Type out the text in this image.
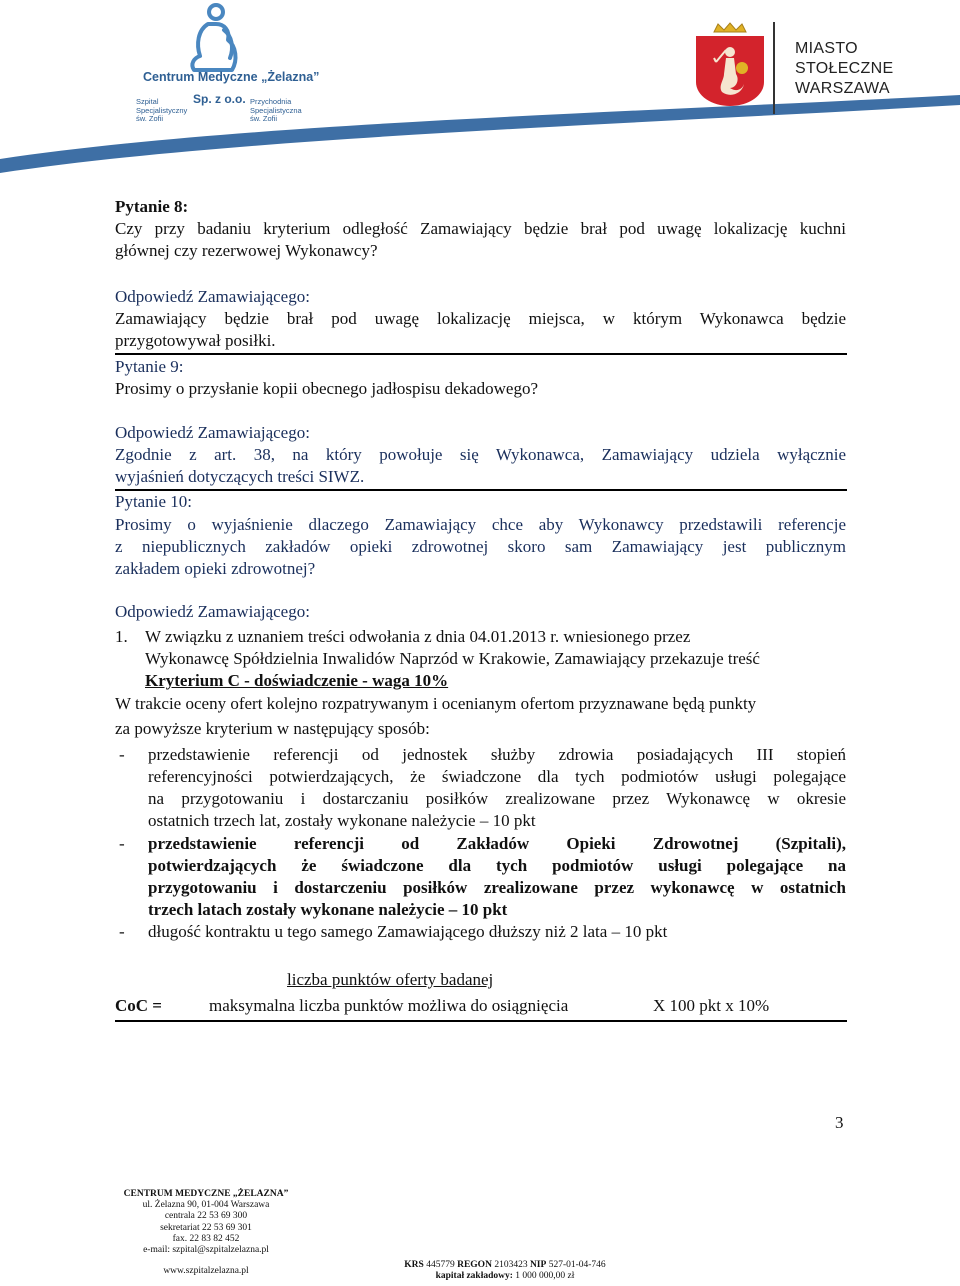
Centrum Medyczne „Żelazna”
Sp. z o.o.
Szpital
Specjalistyczny
św. Zofii
Przychodnia
Specjalistyczna
św. Zofii
MIASTO
STOŁECZNE
WARSZAWA
Pytanie 8:
Czy przy badaniu kryterium odległość Zamawiający będzie brał pod uwagę lokalizację kuchni
głównej czy rezerwowej Wykonawcy?
Odpowiedź Zamawiającego:
Zamawiający będzie brał pod uwagę lokalizację miejsca, w którym Wykonawca będzie
przygotowywał posiłki.
Pytanie 9:
Prosimy o przysłanie kopii obecnego jadłospisu dekadowego?
Odpowiedź Zamawiającego:
Zgodnie z art. 38, na który powołuje się Wykonawca, Zamawiający udziela wyłącznie
wyjaśnień dotyczących treści SIWZ.
Pytanie 10:
Prosimy o wyjaśnienie dlaczego Zamawiający chce aby Wykonawcy przedstawili referencje
z niepublicznych zakładów opieki zdrowotnej skoro sam Zamawiający jest publicznym
zakładem opieki zdrowotnej?
Odpowiedź Zamawiającego:
1. W związku z uznaniem treści odwołania z dnia 04.01.2013 r. wniesionego przez
Wykonawcę Spółdzielnia Inwalidów Naprzód w Krakowie, Zamawiający przekazuje treść
Kryterium C - doświadczenie - waga 10%
W trakcie oceny ofert kolejno rozpatrywanym i ocenianym ofertom przyznawane będą punkty
za powyższe kryterium w następujący sposób:
- przedstawienie referencji od jednostek służby zdrowia posiadających III stopień
referencyjności potwierdzających, że świadczone dla tych podmiotów usługi polegające
na przygotowaniu i dostarczaniu posiłków zrealizowane przez Wykonawcę w okresie
ostatnich trzech lat, zostały wykonane należycie – 10 pkt
- przedstawienie referencji od Zakładów Opieki Zdrowotnej (Szpitali),
potwierdzających że świadczone dla tych podmiotów usługi polegające na
przygotowaniu i dostarczeniu posiłków zrealizowane przez wykonawcę w ostatnich
trzech latach zostały wykonane należycie – 10 pkt
- długość kontraktu u tego samego Zamawiającego dłuższy niż 2 lata – 10 pkt
liczba punktów oferty badanej
CoC =	maksymalna liczba punktów możliwa do osiągnięcia	X 100 pkt x 10%
3
CENTRUM MEDYCZNE „ŻELAZNA”
ul. Żelazna 90, 01-004 Warszawa
centrala 22 53 69 300
sekretariat 22 53 69 301
fax. 22 83 82 452
e-mail: szpital@szpitalzelazna.pl
www.szpitalzelazna.pl
KRS 445779 REGON 2103423 NIP 527-01-04-746
kapitał zakładowy: 1 000 000,00 zł
